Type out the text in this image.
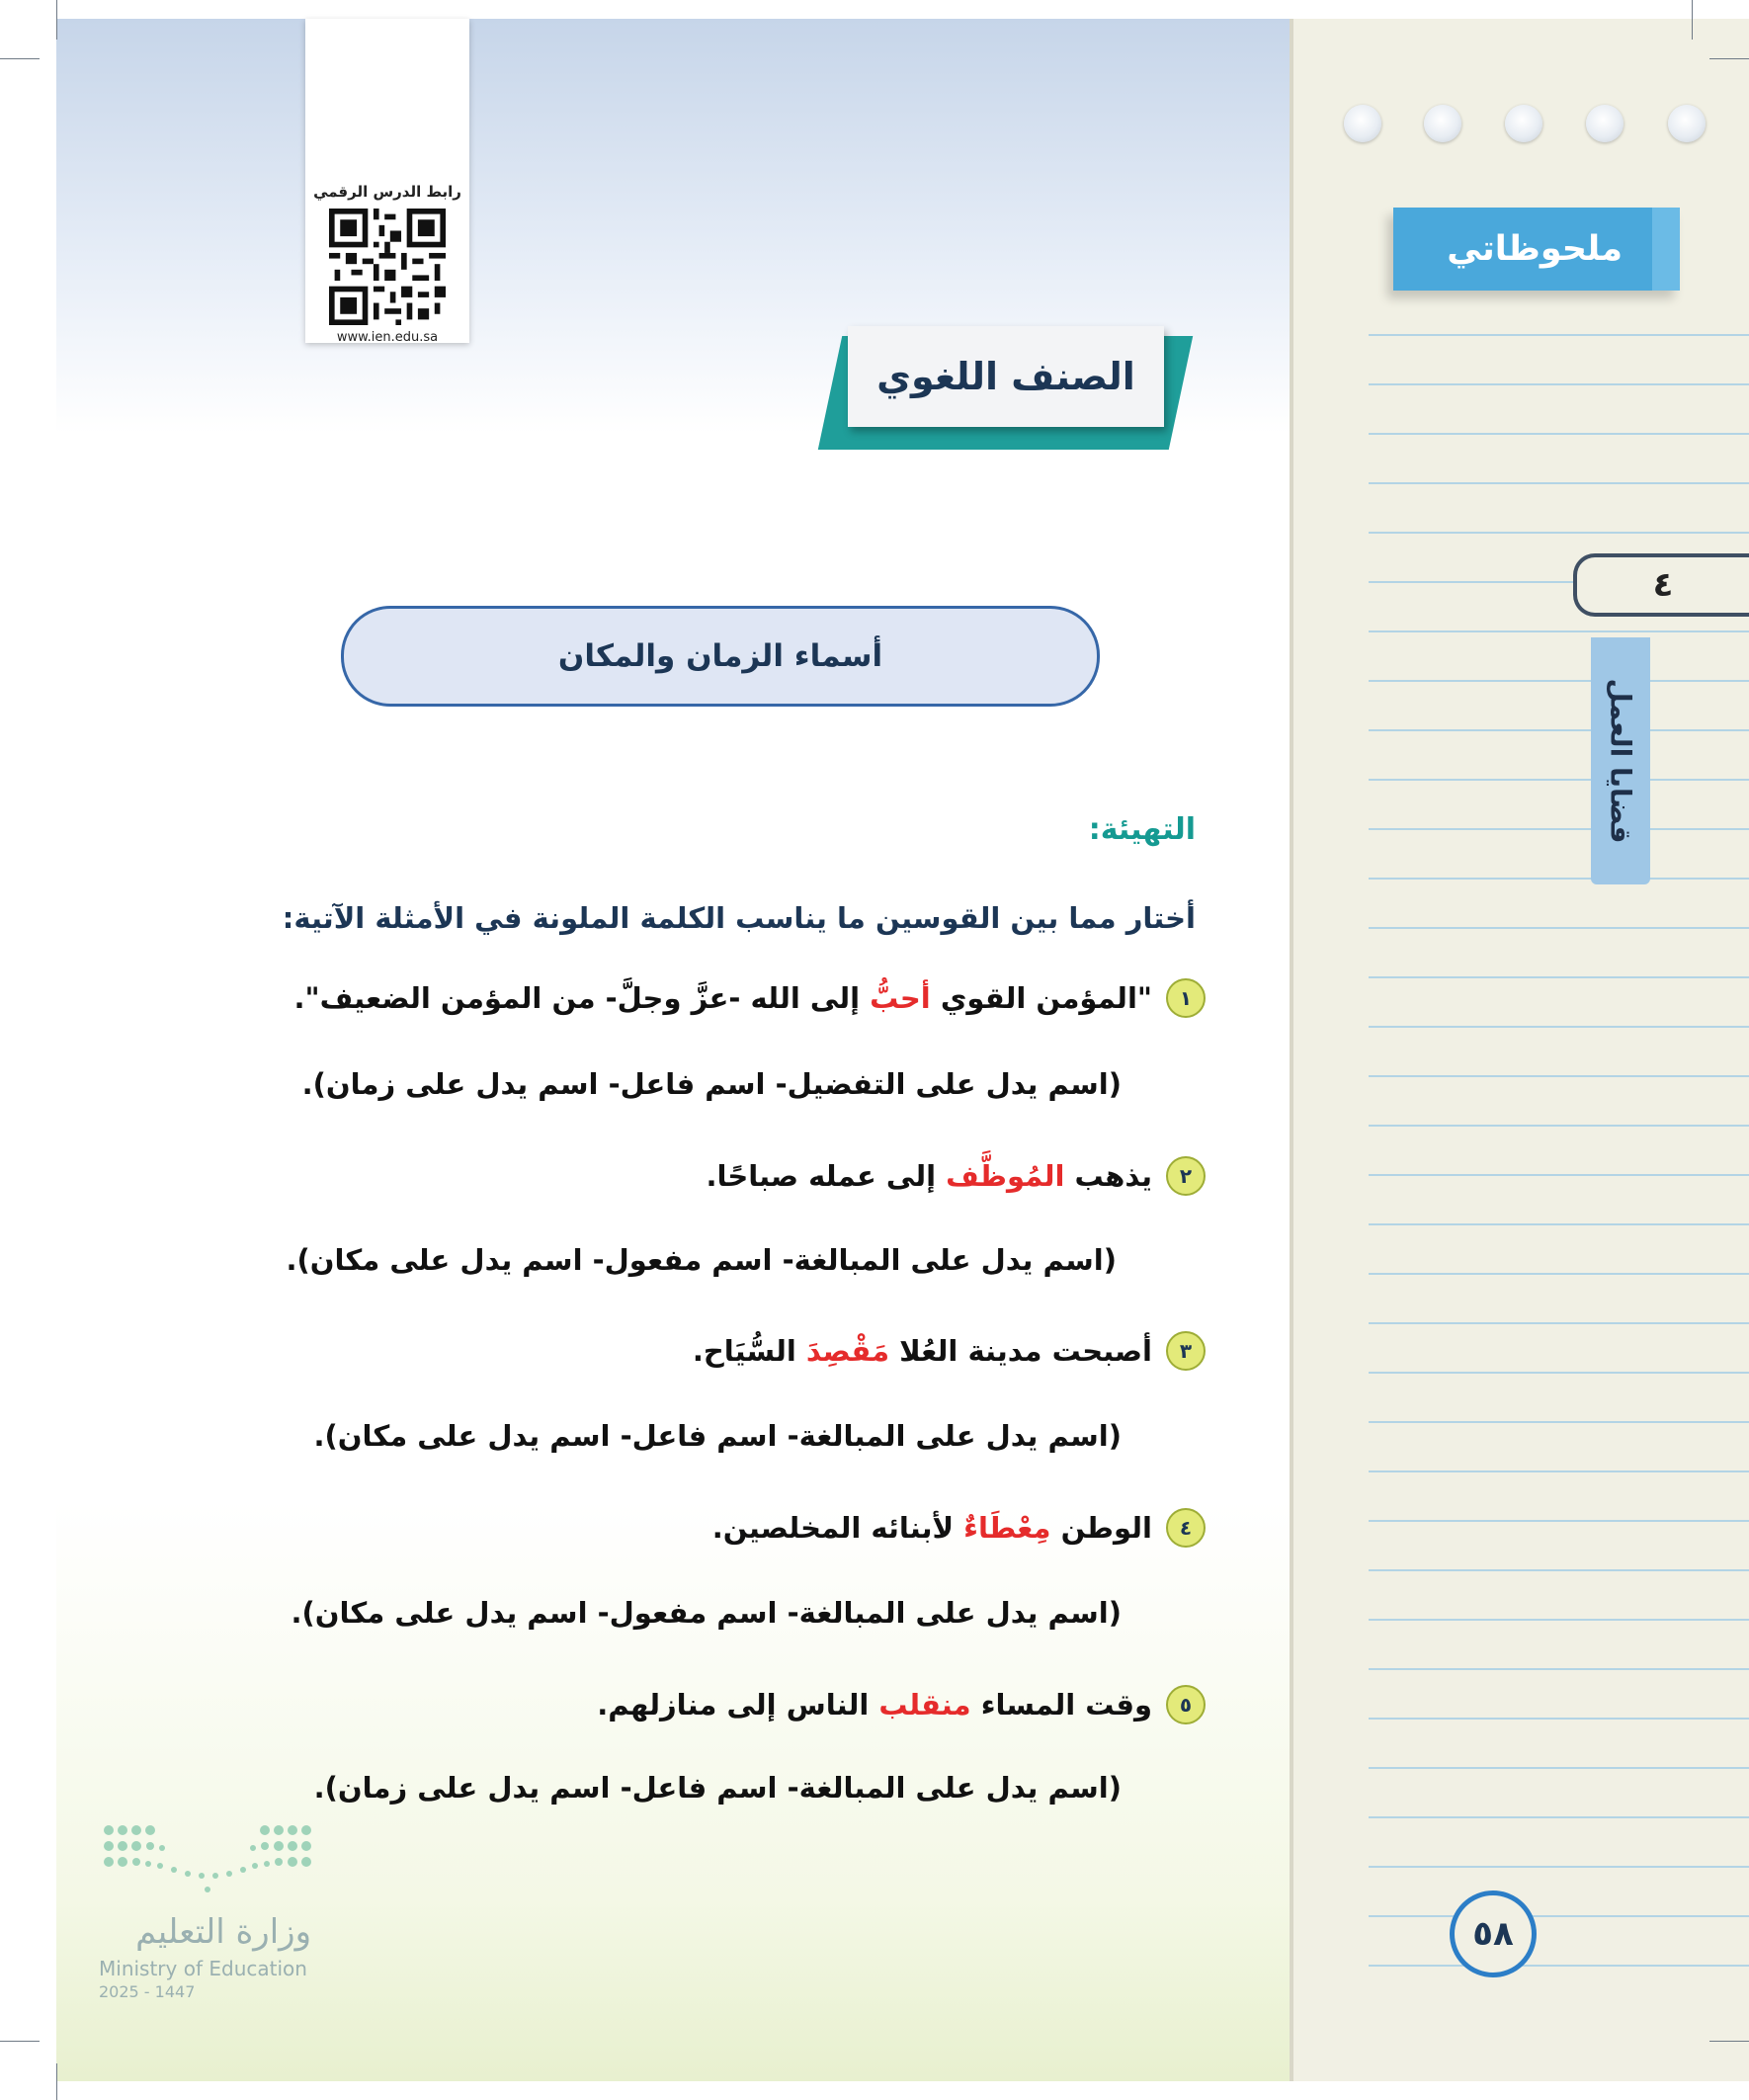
ملحوظاتي
٤
قضايا العمل
٥٨
رابط الدرس الرقمي
www.ien.edu.sa
الصنف اللغوي
أسماء الزمان والمكان
التهيئة:
أختار مما بين القوسين ما يناسب الكلمة الملونة في الأمثلة الآتية:
١
"المؤمن القوي أحبُّ إلى الله -عزَّ وجلَّ- من المؤمن الضعيف".
(اسم يدل على التفضيل- اسم فاعل- اسم يدل على زمان).
٢
يذهب المُوظَّف إلى عمله صباحًا.
(اسم يدل على المبالغة- اسم مفعول- اسم يدل على مكان).
٣
أصبحت مدينة العُلا مَقْصِدَ السُّيَاح.
(اسم يدل على المبالغة- اسم فاعل- اسم يدل على مكان).
٤
الوطن مِعْطَاءٌ لأبنائه المخلصين.
(اسم يدل على المبالغة- اسم مفعول- اسم يدل على مكان).
٥
وقت المساء منقلب الناس إلى منازلهم.
(اسم يدل على المبالغة- اسم فاعل- اسم يدل على زمان).
وزارة التعليم
Ministry of Education
2025 - 1447
